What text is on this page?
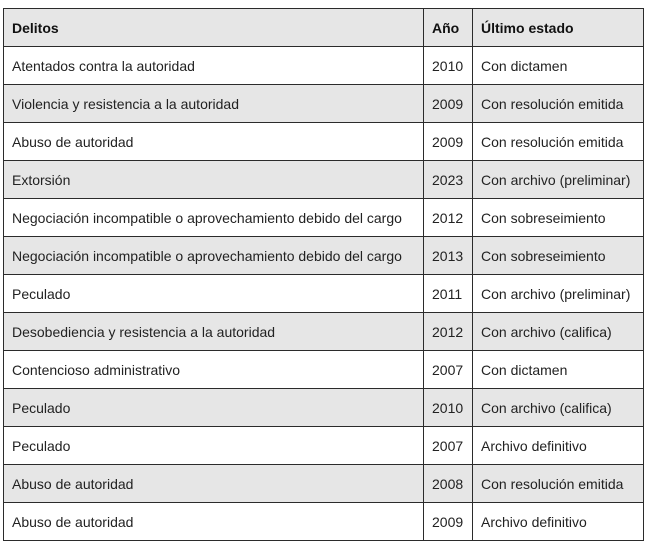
Delitos	Año	Último estado
Atentados contra la autoridad	2010	Con dictamen
Violencia y resistencia a la autoridad	2009	Con resolución emitida
Abuso de autoridad	2009	Con resolución emitida
Extorsión	2023	Con archivo (preliminar)
Negociación incompatible o aprovechamiento debido del cargo	2012	Con sobreseimiento
Negociación incompatible o aprovechamiento debido del cargo	2013	Con sobreseimiento
Peculado	2011	Con archivo (preliminar)
Desobediencia y resistencia a la autoridad	2012	Con archivo (califica)
Contencioso administrativo	2007	Con dictamen
Peculado	2010	Con archivo (califica)
Peculado	2007	Archivo definitivo
Abuso de autoridad	2008	Con resolución emitida
Abuso de autoridad	2009	Archivo definitivo
